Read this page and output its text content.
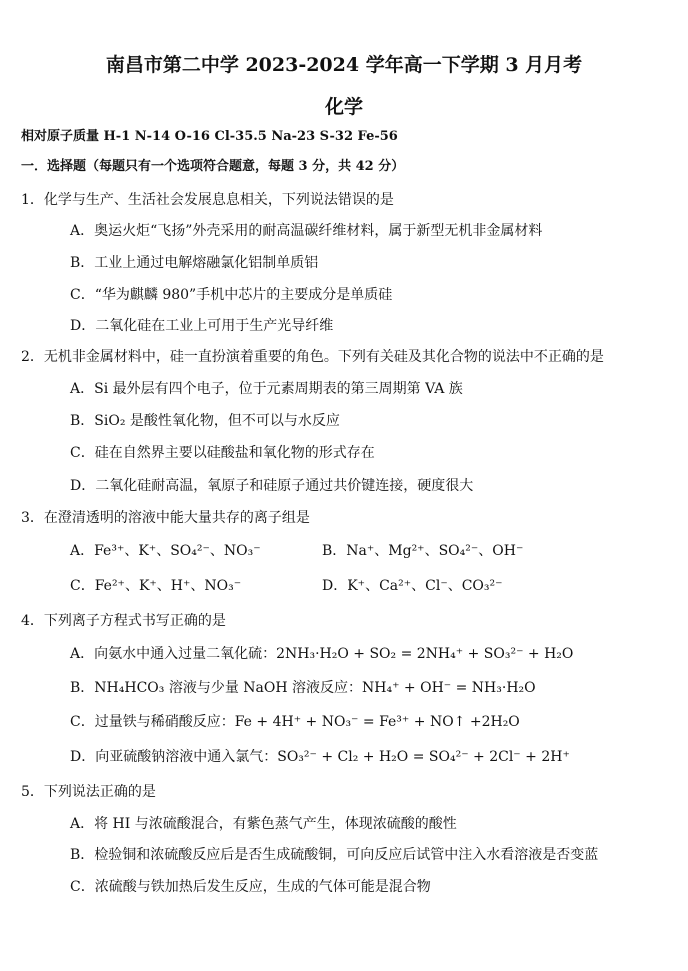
南昌市第二中学 2023-2024 学年高一下学期 3 月月考
化学
相对原子质量 H-1 N-14 O-16 Cl-35.5 Na-23 S-32 Fe-56
一．选择题（每题只有一个选项符合题意，每题 3 分，共 42 分）
1．化学与生产、生活社会发展息息相关，下列说法错误的是
A．奥运火炬“飞扬”外壳采用的耐高温碳纤维材料，属于新型无机非金属材料
B．工业上通过电解熔融氯化铝制单质铝
C．“华为麒麟 980”手机中芯片的主要成分是单质硅
D．二氧化硅在工业上可用于生产光导纤维
2．无机非金属材料中，硅一直扮演着重要的角色。下列有关硅及其化合物的说法中不正确的是
A．Si 最外层有四个电子，位于元素周期表的第三周期第 VA 族
B．SiO₂ 是酸性氧化物，但不可以与水反应
C．硅在自然界主要以硅酸盐和氧化物的形式存在
D．二氧化硅耐高温，氧原子和硅原子通过共价键连接，硬度很大
3．在澄清透明的溶液中能大量共存的离子组是
A．Fe³⁺、K⁺、SO₄²⁻、NO₃⁻	B．Na⁺、Mg²⁺、SO₄²⁻、OH⁻
C．Fe²⁺、K⁺、H⁺、NO₃⁻	D．K⁺、Ca²⁺、Cl⁻、CO₃²⁻
4．下列离子方程式书写正确的是
A．向氨水中通入过量二氧化硫：2NH₃·H₂O + SO₂ = 2NH₄⁺ + SO₃²⁻ + H₂O
B．NH₄HCO₃ 溶液与少量 NaOH 溶液反应：NH₄⁺ + OH⁻ = NH₃·H₂O
C．过量铁与稀硝酸反应：Fe + 4H⁺ + NO₃⁻ = Fe³⁺ + NO↑ +2H₂O
D．向亚硫酸钠溶液中通入氯气：SO₃²⁻ + Cl₂ + H₂O = SO₄²⁻ + 2Cl⁻ + 2H⁺
5．下列说法正确的是
A．将 HI 与浓硫酸混合，有紫色蒸气产生，体现浓硫酸的酸性
B．检验铜和浓硫酸反应后是否生成硫酸铜，可向反应后试管中注入水看溶液是否变蓝
C．浓硫酸与铁加热后发生反应，生成的气体可能是混合物
